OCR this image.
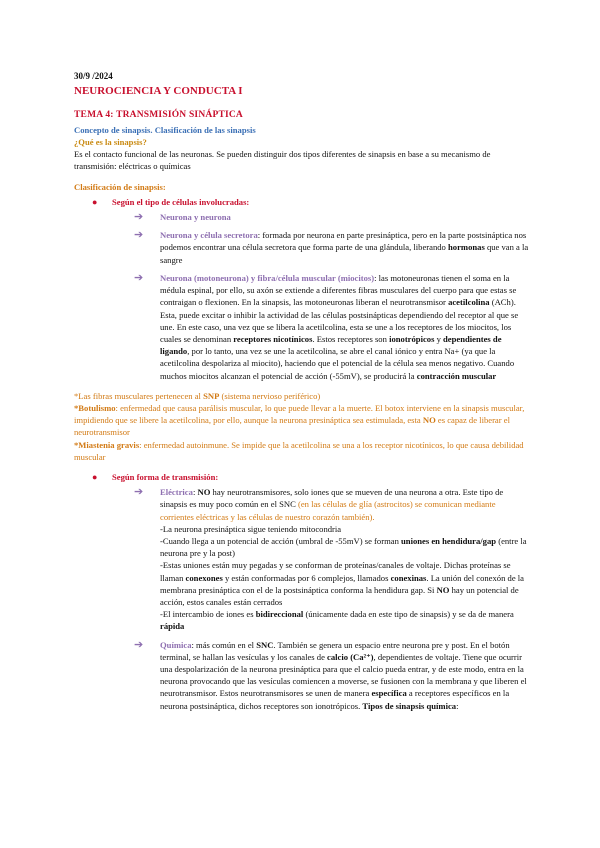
30/9 /2024
NEUROCIENCIA Y CONDUCTA I
TEMA 4: TRANSMISIÓN SINÁPTICA
Concepto de sinapsis. Clasificación de las sinapsis
¿Qué es la sinapsis?

Es el contacto funcional de las neuronas. Se pueden distinguir dos tipos diferentes de sinapsis en base a su mecanismo de transmisión: eléctricas o químicas

Clasificación de sinapsis:
● Según el tipo de células involucradas:
➔ Neurona y neurona
➔ Neurona y célula secretora: formada por neurona en parte presináptica, pero en la parte postsináptica nos podemos encontrar una célula secretora que forma parte de una glándula, liberando hormonas que van a la sangre
➔ Neurona (motoneurona) y fibra/célula muscular (miocitos): las motoneuronas tienen el soma en la médula espinal, por ello, su axón se extiende a diferentes fibras musculares del cuerpo para que estas se contraigan o flexionen. En la sinapsis, las motoneuronas liberan el neurotransmisor acetilcolina (ACh). Esta, puede excitar o inhibir la actividad de las células postsinápticas dependiendo del receptor al que se une. En este caso, una vez que se libera la acetilcolina, esta se une a los receptores de los miocitos, los cuales se denominan receptores nicotínicos. Estos receptores son ionotrópicos y dependientes de ligando, por lo tanto, una vez se une la acetilcolina, se abre el canal iónico y entra Na+ (ya que la acetilcolina despolariza al miocito), haciendo que el potencial de la célula sea menos negativo. Cuando muchos miocitos alcanzan el potencial de acción (-55mV), se producirá la contracción muscular

*Las fibras musculares pertenecen al SNP (sistema nervioso periférico)

*Botulismo: enfermedad que causa parálisis muscular, lo que puede llevar a la muerte. El botox interviene en la sinapsis muscular, impidiendo que se libere la acetilcolina, por ello, aunque la neurona presináptica sea estimulada, esta NO es capaz de liberar el neurotransmisor

*Miastenia gravis: enfermedad autoinmune. Se impide que la acetilcolina se una a los receptor nicotínicos, lo que causa debilidad muscular

● Según forma de transmisión:
➔ Eléctrica: NO hay neurotransmisores, solo iones que se mueven de una neurona a otra. Este tipo de sinapsis es muy poco común en el SNC (en las células de glía (astrocitos) se comunican mediante corrientes eléctricas y las células de nuestro corazón también).
-La neurona presináptica sigue teniendo mitocondria
-Cuando llega a un potencial de acción (umbral de -55mV) se forman uniones en hendidura/gap (entre la neurona pre y la post)
-Estas uniones están muy pegadas y se conforman de proteínas/canales de voltaje. Dichas proteínas se llaman conexones y están conformadas por 6 complejos, llamados conexinas. La unión del conexón de la membrana presináptica con el de la postsináptica conforma la hendidura gap. Si NO hay un potencial de acción, estos canales están cerrados
-El intercambio de iones es bidireccional (únicamente dada en este tipo de sinapsis) y se da de manera rápida
➔ Química: más común en el SNC. También se genera un espacio entre neurona pre y post. En el botón terminal, se hallan las vesículas y los canales de calcio (Ca²⁺), dependientes de voltaje. Tiene que ocurrir una despolarización de la neurona presináptica para que el calcio pueda entrar, y de este modo, entra en la neurona provocando que las vesículas comiencen a moverse, se fusionen con la membrana y que liberen el neurotransmisor. Estos neurotransmisores se unen de manera específica a receptores específicos en la neurona postsináptica, dichos receptores son ionotrópicos. Tipos de sinapsis química:
